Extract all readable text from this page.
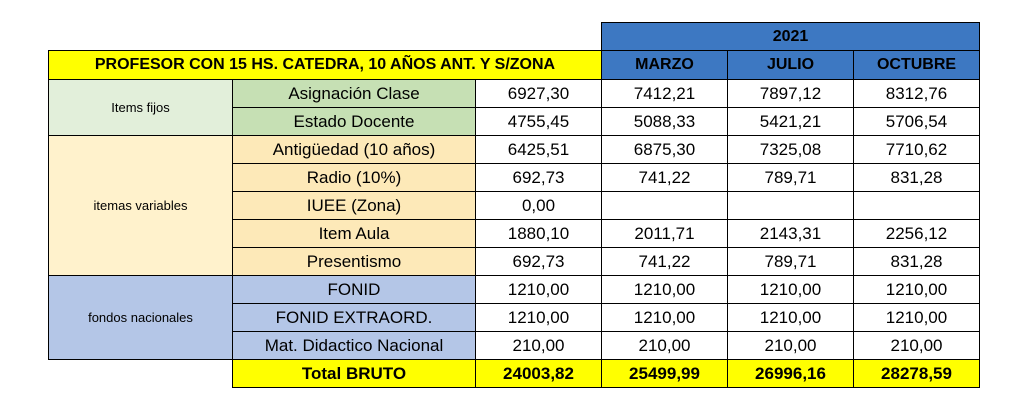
			2021		
PROFESOR CON 15 HS. CATEDRA, 10 AÑOS ANT. Y S/ZONA			MARZO	JULIO	OCTUBRE
Items fijos	Asignación Clase	6927,30	7412,21	7897,12	8312,76
	Estado Docente	4755,45	5088,33	5421,21	5706,54
itemas variables	Antigüedad (10 años)	6425,51	6875,30	7325,08	7710,62
	Radio (10%)	692,73	741,22	789,71	831,28
	IUEE (Zona)	0,00			
	Item Aula	1880,10	2011,71	2143,31	2256,12
	Presentismo	692,73	741,22	789,71	831,28
fondos nacionales	FONID	1210,00	1210,00	1210,00	1210,00
	FONID EXTRAORD.	1210,00	1210,00	1210,00	1210,00
	Mat. Didactico Nacional	210,00	210,00	210,00	210,00
	Total BRUTO	24003,82	25499,99	26996,16	28278,59
